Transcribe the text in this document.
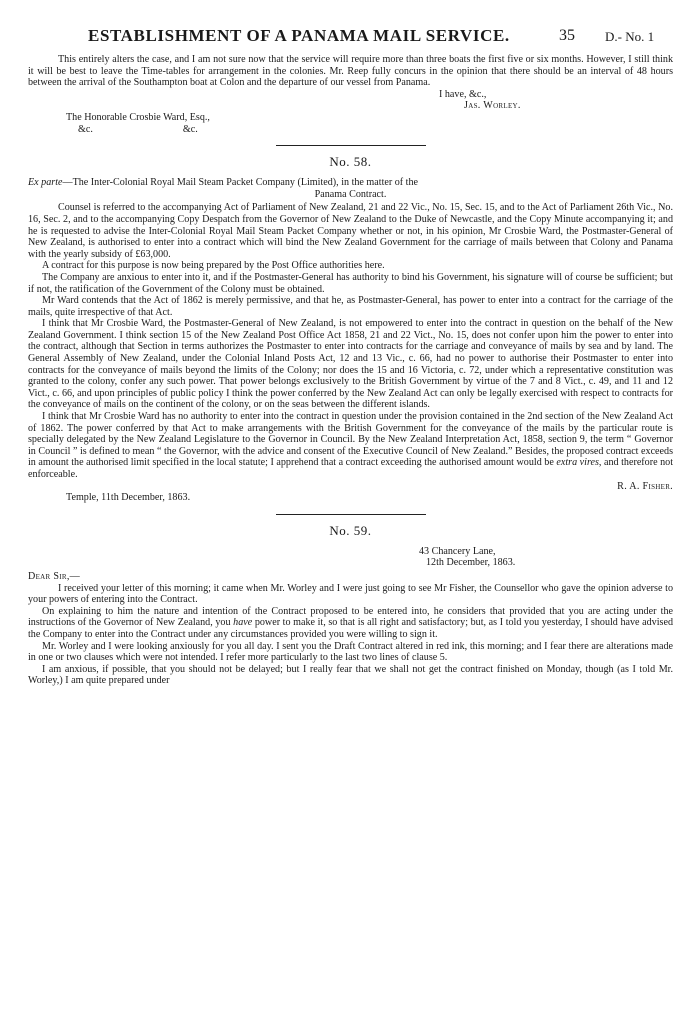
ESTABLISHMENT OF A PANAMA MAIL SERVICE.	35 D.- No. 1

This entirely alters the case, and I am not sure now that the service will require more than three boats the first five or six months. However, I still think it will be best to leave the Time-tables for arrangement in the colonies. Mr. Reep fully concurs in the opinion that there should be an interval of 48 hours between the arrival of the Southampton boat at Colon and the departure of our vessel from Panama.

I have, &c.,

Jas. Worley.

The Honorable Crosbie Ward, Esq.,

&c.	&c.

No. 58.

Ex parte—The Inter-Colonial Royal Mail Steam Packet Company (Limited), in the matter of the

Panama Contract.

Counsel is referred to the accompanying Act of Parliament of New Zealand, 21 and 22 Vic., No. 15, Sec. 15, and to the Act of Parliament 26th Vic., No. 16, Sec. 2, and to the accompanying Copy Despatch from the Governor of New Zealand to the Duke of Newcastle, and the Copy Minute accompanying it; and he is requested to advise the Inter-Colonial Royal Mail Steam Packet Company whether or not, in his opinion, Mr Crosbie Ward, the Postmaster-General of New Zealand, is authorised to enter into a contract which will bind the New Zealand Government for the carriage of mails between that Colony and Panama with the yearly subsidy of £63,000.

A contract for this purpose is now being prepared by the Post Office authorities here.

The Company are anxious to enter into it, and if the Postmaster-General has authority to bind his Government, his signature will of course be sufficient; but if not, the ratification of the Government of the Colony must be obtained.

Mr Ward contends that the Act of 1862 is merely permissive, and that he, as Postmaster-General, has power to enter into a contract for the carriage of the mails, quite irrespective of that Act.

I think that Mr Crosbie Ward, the Postmaster-General of New Zealand, is not empowered to enter into the contract in question on the behalf of the New Zealand Government. I think section 15 of the New Zealand Post Office Act 1858, 21 and 22 Vict., No. 15, does not confer upon him the power to enter into the contract, although that Section in terms authorizes the Postmaster to enter into contracts for the carriage and conveyance of mails by sea and by land. The General Assembly of New Zealand, under the Colonial Inland Posts Act, 12 and 13 Vic., c. 66, had no power to authorise their Postmaster to enter into contracts for the conveyance of mails beyond the limits of the Colony; nor does the 15 and 16 Victoria, c. 72, under which a representative constitution was granted to the colony, confer any such power. That power belongs exclusively to the British Government by virtue of the 7 and 8 Vict., c. 49, and 11 and 12 Vict., c. 66, and upon principles of public policy I think the power conferred by the New Zealand Act can only be legally exercised with respect to contracts for the conveyance of mails on the continent of the colony, or on the seas between the different islands.

I think that Mr Crosbie Ward has no authority to enter into the contract in question under the provision contained in the 2nd section of the New Zealand Act of 1862. The power conferred by that Act to make arrangements with the British Government for the conveyance of the mails by the particular route is specially delegated by the New Zealand Legislature to the Governor in Council. By the New Zealand Interpretation Act, 1858, section 9, the term “ Governor in Council ” is defined to mean “ the Governor, with the advice and consent of the Executive Council of New Zealand.” Besides, the proposed contract exceeds in amount the authorised limit specified in the local statute; I apprehend that a contract exceeding the authorised amount would be extra vires, and therefore not enforceable.

R. A. Fisher.

Temple, 11th December, 1863.

No. 59.

43 Chancery Lane,

12th December, 1863.

Dear Sir,—

I received your letter of this morning; it came when Mr. Worley and I were just going to see Mr Fisher, the Counsellor who gave the opinion adverse to your powers of entering into the Contract.

On explaining to him the nature and intention of the Contract proposed to be entered into, he considers that provided that you are acting under the instructions of the Governor of New Zealand, you have power to make it, so that is all right and satisfactory; but, as I told you yesterday, I should have advised the Company to enter into the Contract under any circumstances provided you were willing to sign it.

Mr. Worley and I were looking anxiously for you all day. I sent you the Draft Contract altered in red ink, this morning; and I fear there are alterations made in one or two clauses which were not intended. I refer more particularly to the last two lines of clause 5.

I am anxious, if possible, that you should not be delayed; but I really fear that we shall not get the contract finished on Monday, though (as I told Mr. Worley,) I am quite prepared under
